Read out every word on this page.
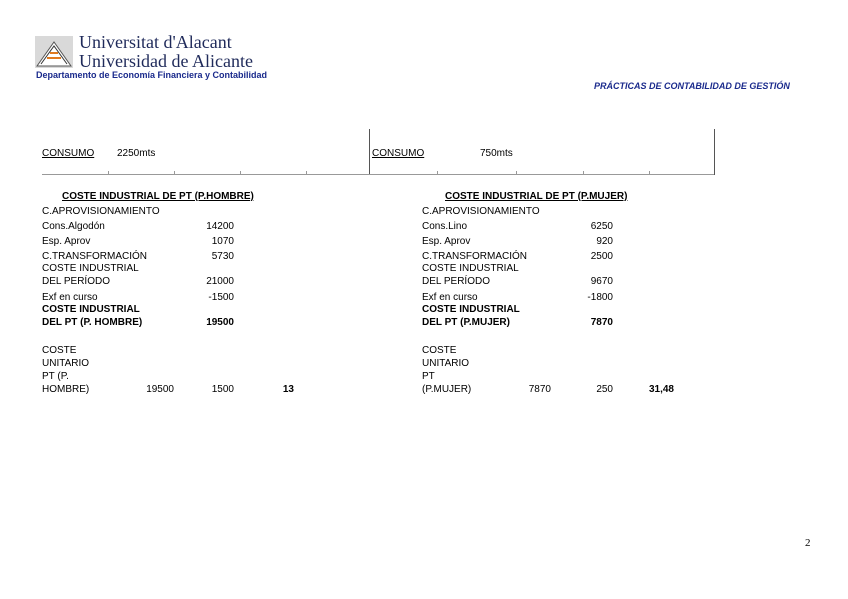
Universitat d'Alacant
Universidad de Alicante
Departamento de Economía Financiera y Contabilidad
PRÁCTICAS DE CONTABILIDAD DE GESTIÓN
CONSUMO 2250mts	CONSUMO	750mts
COSTE INDUSTRIAL DE PT (P.HOMBRE)
C.APROVISIONAMIENTO
Cons.Algodón	14200
Esp. Aprov	1070
C.TRANSFORMACIÓN	5730
COSTE INDUSTRIAL
DEL PERÍODO	21000
Exf en curso	-1500
COSTE INDUSTRIAL
DEL PT (P. HOMBRE)	19500
COSTE
UNITARIO
PT (P.
HOMBRE)	19500	1500	13
COSTE INDUSTRIAL DE PT (P.MUJER)
C.APROVISIONAMIENTO
Cons.Lino	6250
Esp. Aprov	920
C.TRANSFORMACIÓN	2500
COSTE INDUSTRIAL
DEL PERÍODO	9670
Exf en curso	-1800
COSTE INDUSTRIAL
DEL PT (P.MUJER)	7870
COSTE
UNITARIO
PT
(P.MUJER)	7870	250	31,48
2
